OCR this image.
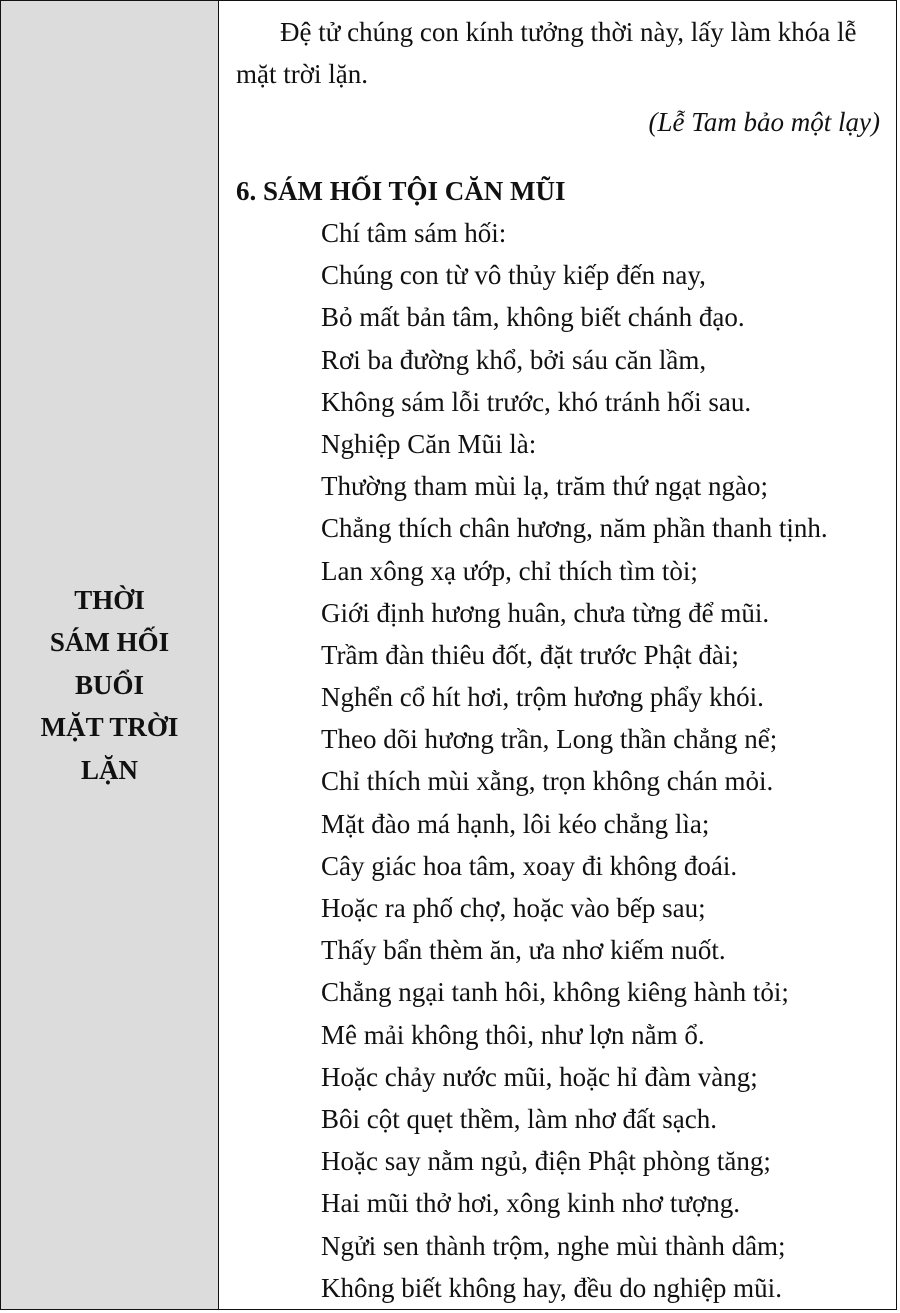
THỜI
SÁM HỐI
BUỔI
MẶT TRỜI
LẶN

Đệ tử chúng con kính tưởng thời này, lấy làm khóa lễ mặt trời lặn.

(Lễ Tam bảo một lạy)

6. SÁM HỐI TỘI CĂN MŨI
Chí tâm sám hối:
Chúng con từ vô thủy kiếp đến nay,
Bỏ mất bản tâm, không biết chánh đạo.
Rơi ba đường khổ, bởi sáu căn lầm,
Không sám lỗi trước, khó tránh hối sau.
Nghiệp Căn Mũi là:
Thường tham mùi lạ, trăm thứ ngạt ngào;
Chẳng thích chân hương, năm phần thanh tịnh.
Lan xông xạ ướp, chỉ thích tìm tòi;
Giới định hương huân, chưa từng để mũi.
Trầm đàn thiêu đốt, đặt trước Phật đài;
Nghển cổ hít hơi, trộm hương phẩy khói.
Theo dõi hương trần, Long thần chẳng nể;
Chỉ thích mùi xằng, trọn không chán mỏi.
Mặt đào má hạnh, lôi kéo chẳng lìa;
Cây giác hoa tâm, xoay đi không đoái.
Hoặc ra phố chợ, hoặc vào bếp sau;
Thấy bẩn thèm ăn, ưa nhơ kiếm nuốt.
Chẳng ngại tanh hôi, không kiêng hành tỏi;
Mê mải không thôi, như lợn nằm ổ.
Hoặc chảy nước mũi, hoặc hỉ đàm vàng;
Bôi cột quẹt thềm, làm nhơ đất sạch.
Hoặc say nằm ngủ, điện Phật phòng tăng;
Hai mũi thở hơi, xông kinh nhơ tượng.
Ngửi sen thành trộm, nghe mùi thành dâm;
Không biết không hay, đều do nghiệp mũi.
